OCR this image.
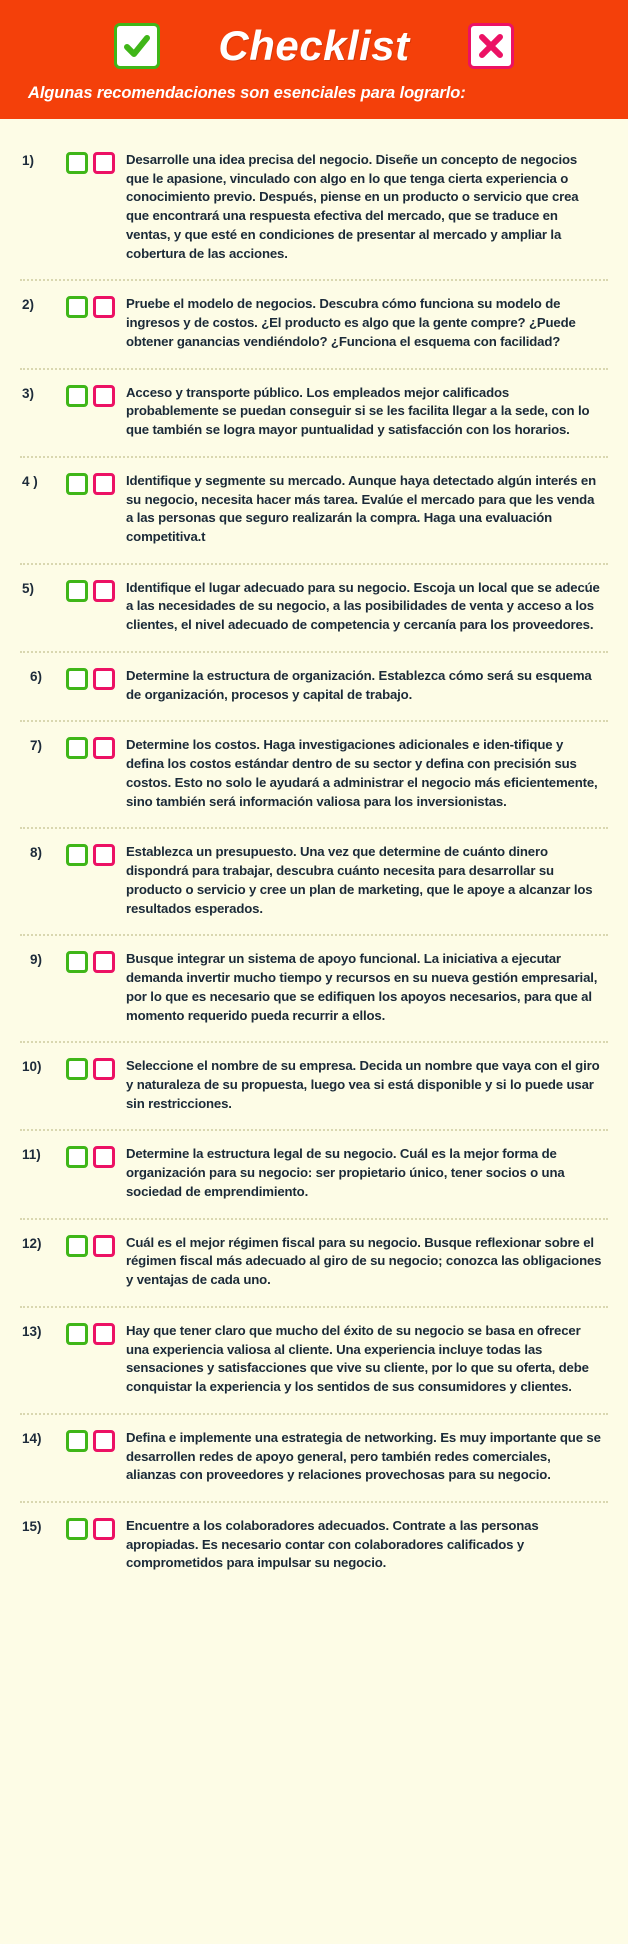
Checklist
Algunas recomendaciones son esenciales para lograrlo:
1)	Desarrolle una idea precisa del negocio. Diseñe un concepto de negocios que le apasione, vinculado con algo en lo que tenga cierta experiencia o conocimiento previo. Después, piense en un producto o servicio que crea que encontrará una respuesta efectiva del mercado, que se traduce en ventas, y que esté en condiciones de presentar al mercado y ampliar la cobertura de las acciones.
2)	Pruebe el modelo de negocios. Descubra cómo funciona su modelo de ingresos y de costos. ¿El producto es algo que la gente compre? ¿Puede obtener ganancias vendiéndolo? ¿Funciona el esquema con facilidad?
3)	Acceso y transporte público. Los empleados mejor calificados probablemente se puedan conseguir si se les facilita llegar a la sede, con lo que también se logra mayor puntualidad y satisfacción con los horarios.
4 )	Identifique y segmente su mercado. Aunque haya detectado algún interés en su negocio, necesita hacer más tarea. Evalúe el mercado para que les venda a las personas que seguro realizarán la compra. Haga una evaluación competitiva.t
5)	Identifique el lugar adecuado para su negocio. Escoja un local que se adecúe a las necesidades de su negocio, a las posibilidades de venta y acceso a los clientes, el nivel adecuado de competencia y cercanía para los proveedores.
6)	Determine la estructura de organización. Establezca cómo será su esquema de organización, procesos y capital de trabajo.
7)	Determine los costos. Haga investigaciones adicionales e iden-tifique y defina los costos estándar dentro de su sector y defina con precisión sus costos. Esto no solo le ayudará a administrar el negocio más eficientemente, sino también será información valiosa para los inversionistas.
8)	Establezca un presupuesto. Una vez que determine de cuánto dinero dispondrá para trabajar, descubra cuánto necesita para desarrollar su producto o servicio y cree un plan de marketing, que le apoye a alcanzar los resultados esperados.
9)	Busque integrar un sistema de apoyo funcional. La iniciativa a ejecutar demanda invertir mucho tiempo y recursos en su nueva gestión empresarial, por lo que es necesario que se edifiquen los apoyos necesarios, para que al momento requerido pueda recurrir a ellos.
10)	Seleccione el nombre de su empresa. Decida un nombre que vaya con el giro y naturaleza de su propuesta, luego vea si está disponible y si lo puede usar sin restricciones.
11)	Determine la estructura legal de su negocio. Cuál es la mejor forma de organización para su negocio: ser propietario único, tener socios o una sociedad de emprendimiento.
12)	Cuál es el mejor régimen fiscal para su negocio. Busque reflexionar sobre el régimen fiscal más adecuado al giro de su negocio; conozca las obligaciones y ventajas de cada uno.
13)	Hay que tener claro que mucho del éxito de su negocio se basa en ofrecer una experiencia valiosa al cliente. Una experiencia incluye todas las sensaciones y satisfacciones que vive su cliente, por lo que su oferta, debe conquistar la experiencia y los sentidos de sus consumidores y clientes.
14)	Defina e implemente una estrategia de networking. Es muy importante que se desarrollen redes de apoyo general, pero también redes comerciales, alianzas con proveedores y relaciones provechosas para su negocio.
15)	Encuentre a los colaboradores adecuados. Contrate a las personas apropiadas. Es necesario contar con colaboradores calificados y comprometidos para impulsar su negocio.
